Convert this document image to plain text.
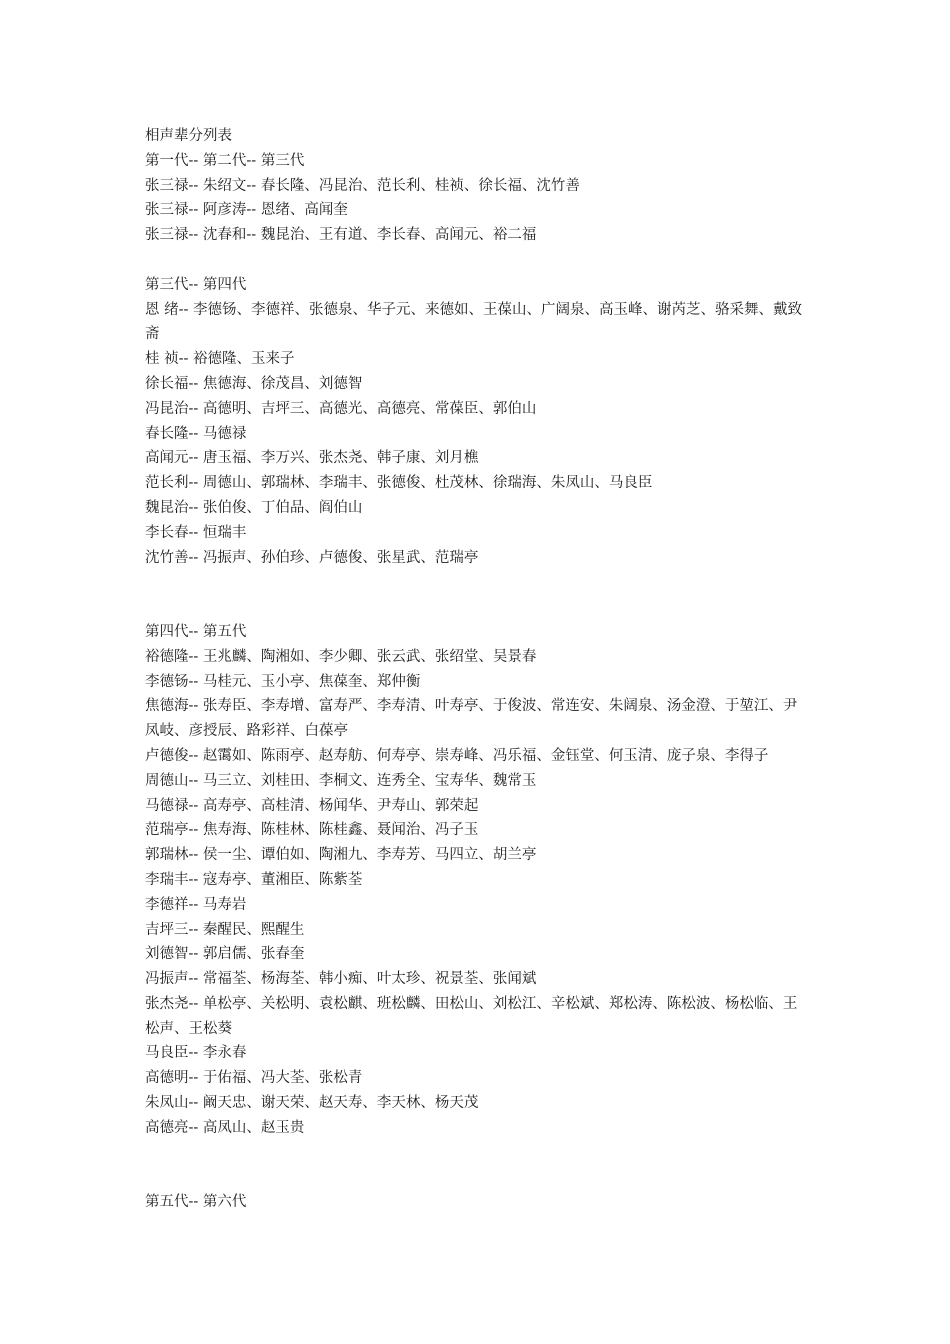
相声辈分列表
第一代-- 第二代-- 第三代
张三禄-- 朱绍文-- 春长隆、冯昆治、范长利、桂祯、徐长福、沈竹善
张三禄-- 阿彦涛-- 恩绪、高闻奎
张三禄-- 沈春和-- 魏昆治、王有道、李长春、高闻元、裕二福
第三代-- 第四代
恩 绪-- 李德钖、李德祥、张德泉、华子元、来德如、王葆山、广阔泉、高玉峰、谢芮芝、骆采舞、戴致斋
桂 祯-- 裕德隆、玉来子
徐长福-- 焦德海、徐茂昌、刘德智
冯昆治-- 高德明、吉坪三、高德光、高德亮、常葆臣、郭伯山
春长隆-- 马德禄
高闻元-- 唐玉福、李万兴、张杰尧、韩子康、刘月樵
范长利-- 周德山、郭瑞林、李瑞丰、张德俊、杜茂林、徐瑞海、朱凤山、马良臣
魏昆治-- 张伯俊、丁伯品、阎伯山
李长春-- 恒瑞丰
沈竹善-- 冯振声、孙伯珍、卢德俊、张星武、范瑞亭
第四代-- 第五代
裕德隆-- 王兆麟、陶湘如、李少卿、张云武、张绍堂、吴景春
李德钖-- 马桂元、玉小亭、焦葆奎、郑仲衡
焦德海-- 张寿臣、李寿增、富寿严、李寿清、叶寿亭、于俊波、常连安、朱阔泉、汤金澄、于堃江、尹凤岐、彦授辰、路彩祥、白葆亭
卢德俊-- 赵霭如、陈雨亭、赵寿舫、何寿亭、崇寿峰、冯乐福、金钰堂、何玉清、庞子泉、李得子
周德山-- 马三立、刘桂田、李桐文、连秀全、宝寿华、魏常玉
马德禄-- 高寿亭、高桂清、杨闻华、尹寿山、郭荣起
范瑞亭-- 焦寿海、陈桂林、陈桂鑫、聂闻治、冯子玉
郭瑞林-- 侯一尘、谭伯如、陶湘九、李寿芳、马四立、胡兰亭
李瑞丰-- 寇寿亭、董湘臣、陈紫荃
李德祥-- 马寿岩
吉坪三-- 秦醒民、熙醒生
刘德智-- 郭启儒、张春奎
冯振声-- 常福荃、杨海荃、韩小痴、叶太珍、祝景荃、张闻斌
张杰尧-- 单松亭、关松明、袁松麒、班松麟、田松山、刘松江、辛松斌、郑松涛、陈松波、杨松临、王松声、王松葵
马良臣-- 李永春
高德明-- 于佑福、冯大荃、张松青
朱凤山-- 阚天忠、谢天荣、赵天寿、李天林、杨天茂
高德亮-- 高凤山、赵玉贵
第五代-- 第六代
